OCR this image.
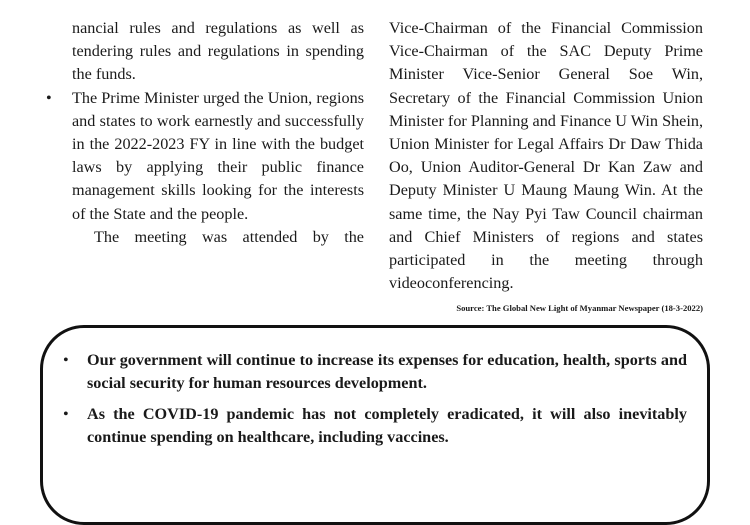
nancial rules and regulations as well as tendering rules and regulations in spending the funds.

• The Prime Minister urged the Union, regions and states to work earnestly and successfully in the 2022-2023 FY in line with the budget laws by applying their public finance management skills looking for the interests of the State and the people.

The meeting was attended by the

Vice-Chairman of the Financial Commission Vice-Chairman of the SAC Deputy Prime Minister Vice-Senior General Soe Win, Secretary of the Financial Commission Union Minister for Planning and Finance U Win Shein, Union Minister for Legal Affairs Dr Daw Thida Oo, Union Auditor-General Dr Kan Zaw and Deputy Minister U Maung Maung Win. At the same time, the Nay Pyi Taw Council chairman and Chief Ministers of regions and states participated in the meeting through videoconferencing.

Source: The Global New Light of Myanmar Newspaper (18-3-2022)
• Our government will continue to increase its expenses for education, health, sports and social security for human resources development.
• As the COVID-19 pandemic has not completely eradicated, it will also inevitably continue spending on healthcare, including vaccines.
